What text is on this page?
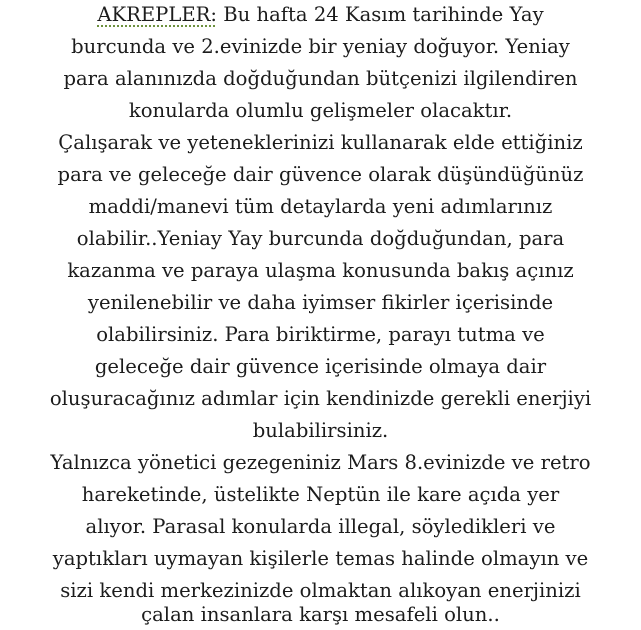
AKREPLER: Bu hafta 24 Kasım tarihinde Yay
burcunda ve 2.evinizde bir yeniay doğuyor. Yeniay
para alanınızda doğduğundan bütçenizi ilgilendiren
konularda olumlu gelişmeler olacaktır.
Çalışarak ve yeteneklerinizi kullanarak elde ettiğiniz
para ve geleceğe dair güvence olarak düşündüğünüz
maddi/manevi tüm detaylarda yeni adımlarınız
olabilir..Yeniay Yay burcunda doğduğundan, para
kazanma ve paraya ulaşma konusunda bakış açınız
yenilenebilir ve daha iyimser fikirler içerisinde
olabilirsiniz. Para biriktirme, parayı tutma ve
geleceğe dair güvence içerisinde olmaya dair
oluşuracağınız adımlar için kendinizde gerekli enerjiyi
bulabilirsiniz.
Yalnızca yönetici gezegeniniz Mars 8.evinizde ve retro
hareketinde, üstelikte Neptün ile kare açıda yer
alıyor. Parasal konularda illegal, söyledikleri ve
yaptıkları uymayan kişilerle temas halinde olmayın ve
sizi kendi merkezinizde olmaktan alıkoyan enerjinizi
çalan insanlara karşı mesafeli olun..
